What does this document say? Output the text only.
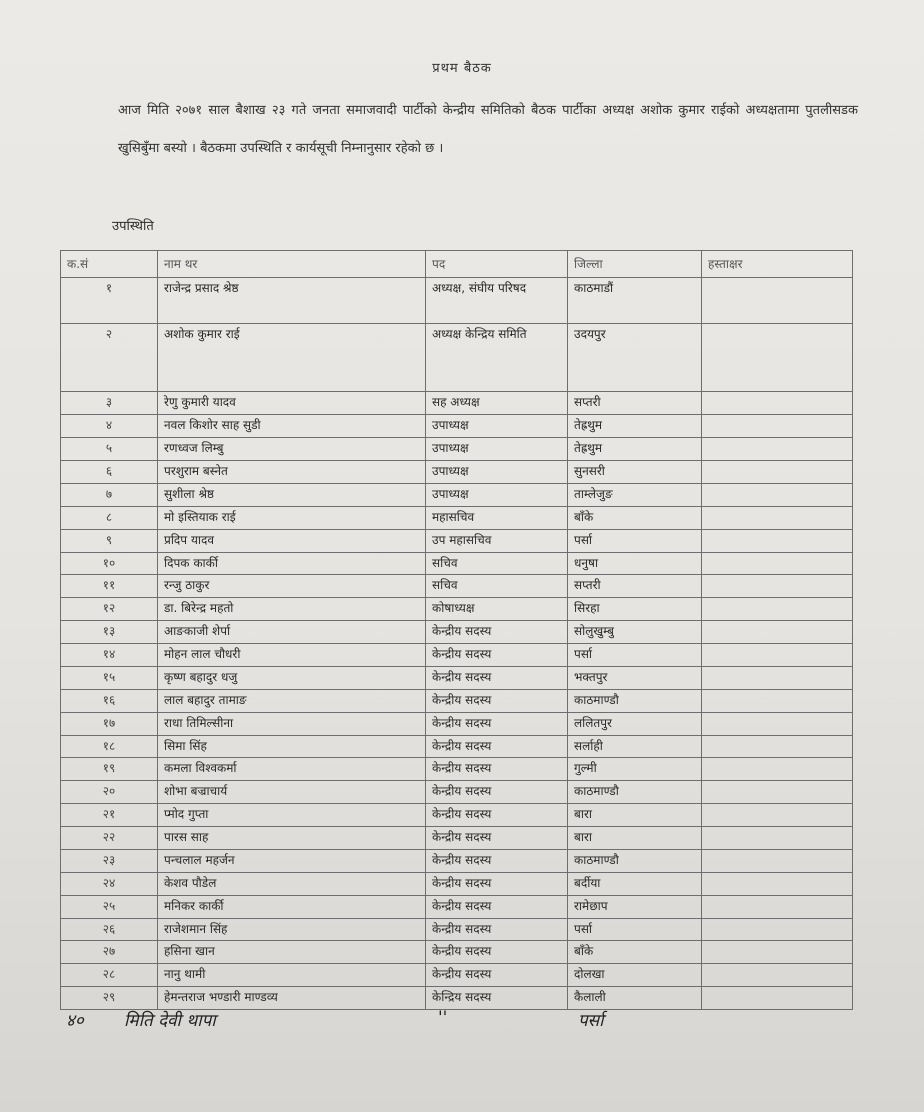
प्रथम बैठक
आज मिति २०७१ साल बैशाख २३ गते जनता समाजवादी पार्टीको केन्द्रीय समितिको बैठक पार्टीका अध्यक्ष अशोक कुमार राईको अध्यक्षतामा पुतलीसडक खुसिबुँमा बस्यो । बैठकमा उपस्थिति र कार्यसूची निम्नानुसार रहेको छ ।
उपस्थिति
क.सं	नाम थर	पद	जिल्ला	हस्ताक्षर
१	राजेन्द्र प्रसाद श्रेष्ठ	अध्यक्ष, संघीय परिषद	काठमाडौं	
२	अशोक कुमार राई	अध्यक्ष केन्द्रिय समिति	उदयपुर	
३	रेणु कुमारी यादव	सह अध्यक्ष	सप्तरी	
४	नवल किशोर साह सुडी	उपाध्यक्ष	तेह्रथुम	
५	रणध्वज लिम्बु	उपाध्यक्ष	तेह्रथुम	
६	परशुराम बस्नेत	उपाध्यक्ष	सुनसरी	
७	सुशीला श्रेष्ठ	उपाध्यक्ष	ताम्लेजुङ	
८	मो इस्तियाक राई	महासचिव	बाँके	
९	प्रदिप यादव	उप महासचिव	पर्सा	
१०	दिपक कार्की	सचिव	धनुषा	
११	रन्जु ठाकुर	सचिव	सप्तरी	
१२	डा. बिरेन्द्र महतो	कोषाध्यक्ष	सिरहा	
१३	आङकाजी शेर्पा	केन्द्रीय सदस्य	सोलुखुम्बु	
१४	मोहन लाल चौधरी	केन्द्रीय सदस्य	पर्सा	
१५	कृष्ण बहादुर धजु	केन्द्रीय सदस्य	भक्तपुर	
१६	लाल बहादुर तामाङ	केन्द्रीय सदस्य	काठमाण्डौ	
१७	राधा तिमिल्सीना	केन्द्रीय सदस्य	ललितपुर	
१८	सिमा सिंह	केन्द्रीय सदस्य	सर्लाही	
१९	कमला विश्वकर्मा	केन्द्रीय सदस्य	गुल्मी	
२०	शोभा बज्राचार्य	केन्द्रीय सदस्य	काठमाण्डौ	
२१	प्मोद गुप्ता	केन्द्रीय सदस्य	बारा	
२२	पारस साह	केन्द्रीय सदस्य	बारा	
२३	पन्चलाल महर्जन	केन्द्रीय सदस्य	काठमाण्डौ	
२४	केशव पौडेल	केन्द्रीय सदस्य	बर्दीया	
२५	मनिकर कार्की	केन्द्रीय सदस्य	रामेछाप	
२६	राजेशमान सिंह	केन्द्रीय सदस्य	पर्सा	
२७	हसिना खान	केन्द्रीय सदस्य	बाँके	
२८	नानु थामी	केन्द्रीय सदस्य	दोलखा	
२९	हेमन्तराज भण्डारी माण्डव्य	केन्द्रिय सदस्य	कैलाली	
४० मिति देवी थापा	''	पर्सा
